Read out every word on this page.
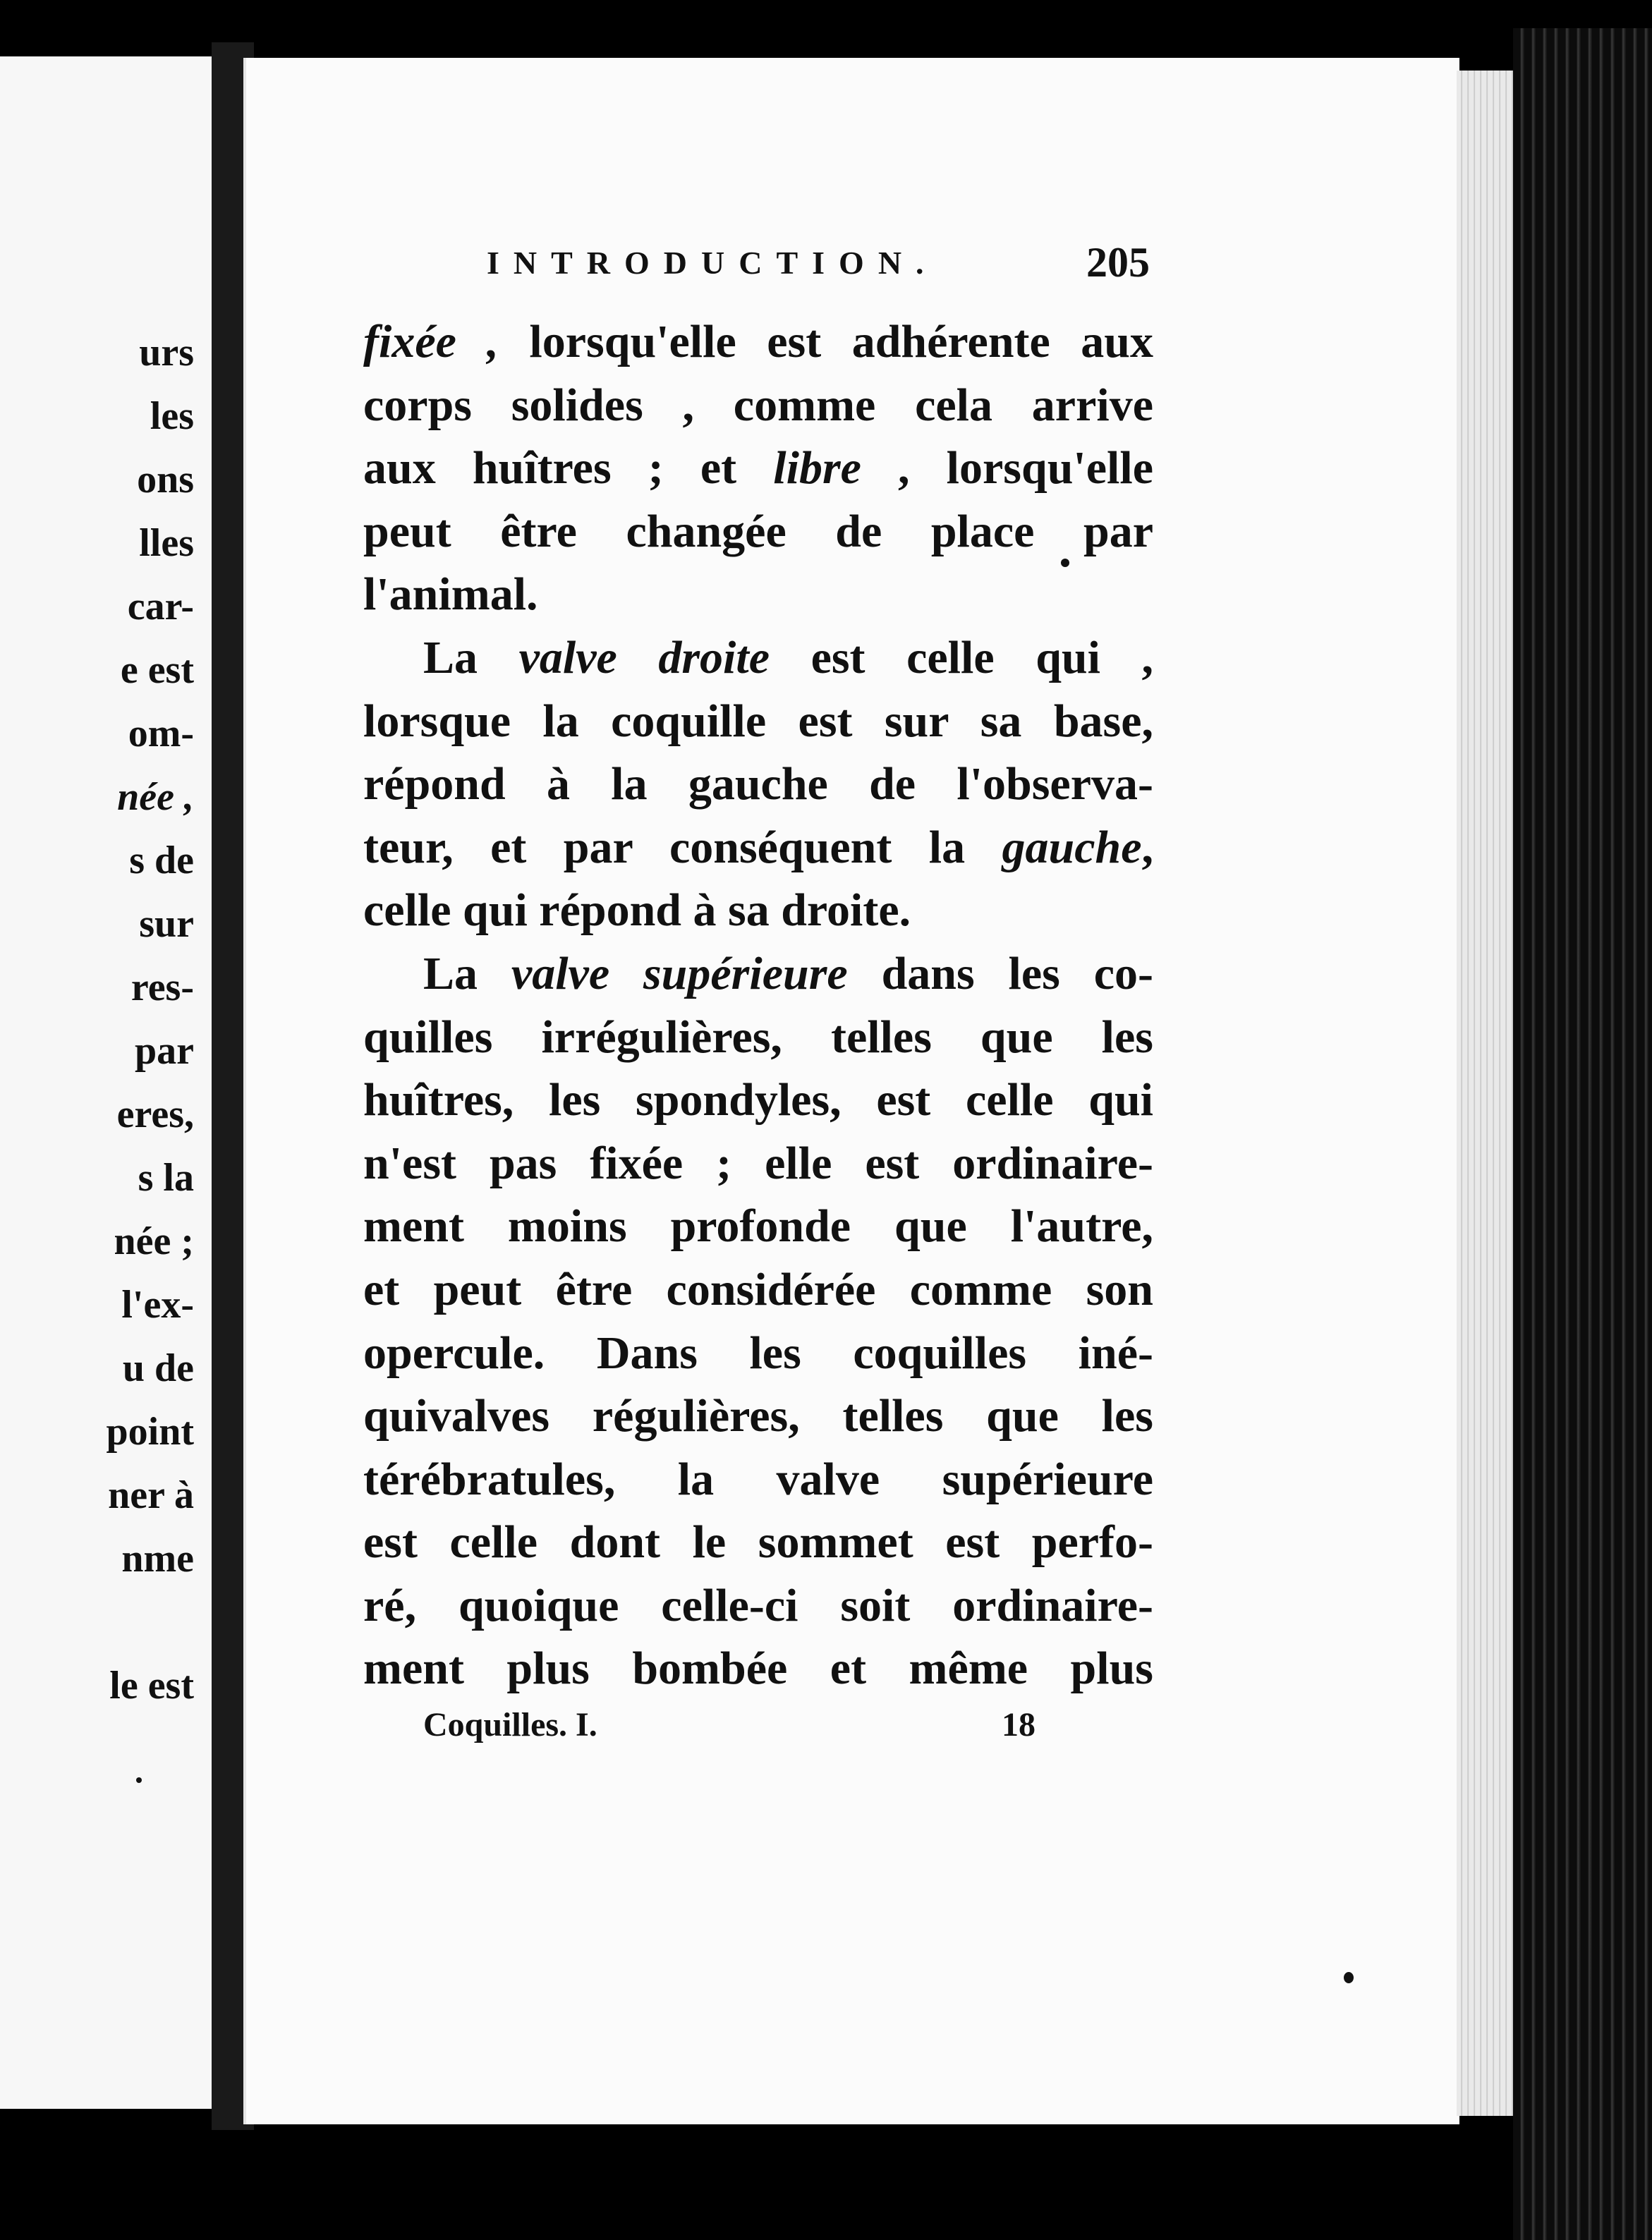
urs
les
ons
lles
car-
e est
om-
née ,
s de
sur
res-
par
eres,
s la
née ;
l'ex-
u de
point
ner à
nme
le est
INTRODUCTION.	205
fixée , lorsqu'elle est adhérente aux
corps solides , comme cela arrive
aux huîtres ; et libre , lorsqu'elle
peut être changée de place par
l'animal.
La valve droite est celle qui ,
lorsque la coquille est sur sa base,
répond à la gauche de l'observa-
teur, et par conséquent la gauche,
celle qui répond à sa droite.
La valve supérieure dans les co-
quilles irrégulières, telles que les
huîtres, les spondyles, est celle qui
n'est pas fixée ; elle est ordinaire-
ment moins profonde que l'autre,
et peut être considérée comme son
opercule. Dans les coquilles iné-
quivalves régulières, telles que les
térébratules, la valve supérieure
est celle dont le sommet est perfo-
ré, quoique celle-ci soit ordinaire-
ment plus bombée et même plus
Coquilles. I.	18
